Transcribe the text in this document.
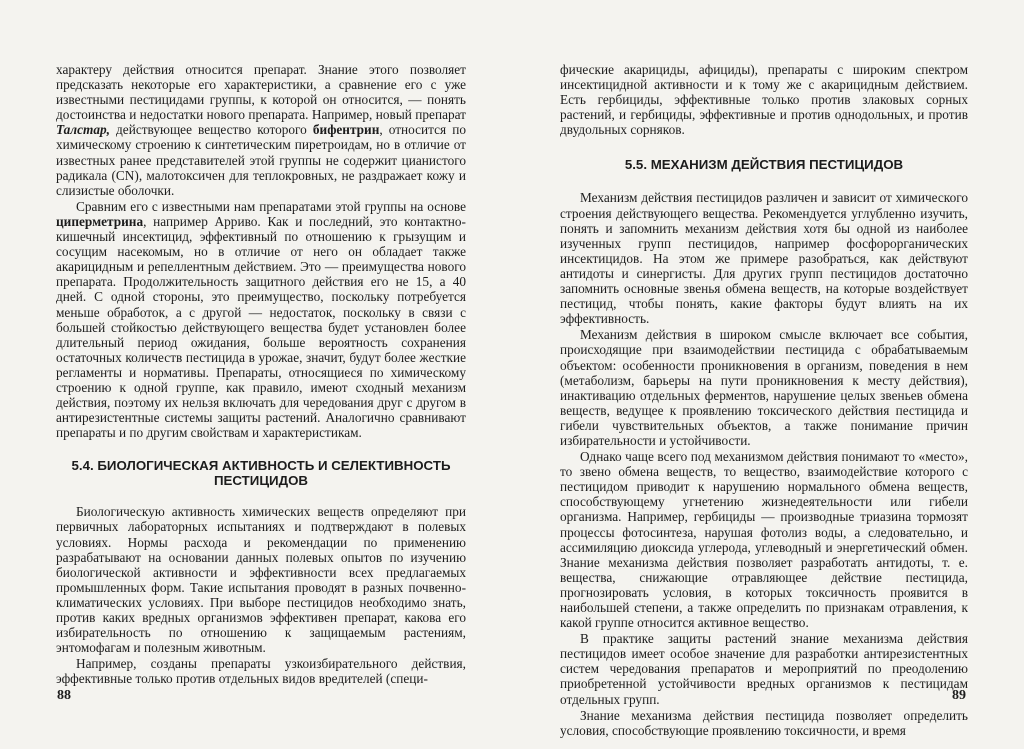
характеру действия относится препарат. Знание этого позволяет предсказать некоторые его характеристики, а сравнение его с уже известными пестицидами группы, к которой он относится, — понять достоинства и недостатки нового препарата. Например, новый препарат Талстар, действующее вещество которого бифентрин, относится по химическому строению к синтетическим пиретроидам, но в отличие от известных ранее представителей этой группы не содержит цианистого радикала (CN), малотоксичен для теплокровных, не раздражает кожу и слизистые оболочки.

Сравним его с известными нам препаратами этой группы на основе циперметрина, например Арриво. Как и последний, это контактно-кишечный инсектицид, эффективный по отношению к грызущим и сосущим насекомым, но в отличие от него он обладает также акарицидным и репеллентным действием. Это — преимущества нового препарата. Продолжительность защитного действия его не 15, а 40 дней. С одной стороны, это преимущество, поскольку потребуется меньше обработок, а с другой — недостаток, поскольку в связи с большей стойкостью действующего вещества будет установлен более длительный период ожидания, больше вероятность сохранения остаточных количеств пестицида в урожае, значит, будут более жесткие регламенты и нормативы. Препараты, относящиеся по химическому строению к одной группе, как правило, имеют сходный механизм действия, поэтому их нельзя включать для чередования друг с другом в антирезистентные системы защиты растений. Аналогично сравнивают препараты и по другим свойствам и характеристикам.

5.4. БИОЛОГИЧЕСКАЯ АКТИВНОСТЬ И СЕЛЕКТИВНОСТЬ ПЕСТИЦИДОВ

Биологическую активность химических веществ определяют при первичных лабораторных испытаниях и подтверждают в полевых условиях. Нормы расхода и рекомендации по применению разрабатывают на основании данных полевых опытов по изучению биологической активности и эффективности всех предлагаемых промышленных форм. Такие испытания проводят в разных почвенно-климатических условиях. При выборе пестицидов необходимо знать, против каких вредных организмов эффективен препарат, какова его избирательность по отношению к защищаемым растениям, энтомофагам и полезным животным.

Например, созданы препараты узкоизбирательного действия, эффективные только против отдельных видов вредителей (специ-

88

фические акарициды, афициды), препараты с широким спектром инсектицидной активности и к тому же с акарицидным действием. Есть гербициды, эффективные только против злаковых сорных растений, и гербициды, эффективные и против однодольных, и против двудольных сорняков.

5.5. МЕХАНИЗМ ДЕЙСТВИЯ ПЕСТИЦИДОВ

Механизм действия пестицидов различен и зависит от химического строения действующего вещества. Рекомендуется углубленно изучить, понять и запомнить механизм действия хотя бы одной из наиболее изученных групп пестицидов, например фосфорорганических инсектицидов. На этом же примере разобраться, как действуют антидоты и синергисты. Для других групп пестицидов достаточно запомнить основные звенья обмена веществ, на которые воздействует пестицид, чтобы понять, какие факторы будут влиять на их эффективность.

Механизм действия в широком смысле включает все события, происходящие при взаимодействии пестицида с обрабатываемым объектом: особенности проникновения в организм, поведения в нем (метаболизм, барьеры на пути проникновения к месту действия), инактивацию отдельных ферментов, нарушение целых звеньев обмена веществ, ведущее к проявлению токсического действия пестицида и гибели чувствительных объектов, а также понимание причин избирательности и устойчивости.

Однако чаще всего под механизмом действия понимают то «место», то звено обмена веществ, то вещество, взаимодействие которого с пестицидом приводит к нарушению нормального обмена веществ, способствующему угнетению жизнедеятельности или гибели организма. Например, гербициды — производные триазина тормозят процессы фотосинтеза, нарушая фотолиз воды, а следовательно, и ассимиляцию диоксида углерода, углеводный и энергетический обмен. Знание механизма действия позволяет разработать антидоты, т. е. вещества, снижающие отравляющее действие пестицида, прогнозировать условия, в которых токсичность проявится в наибольшей степени, а также определить по признакам отравления, к какой группе относится активное вещество.

В практике защиты растений знание механизма действия пестицидов имеет особое значение для разработки антирезистентных систем чередования препаратов и мероприятий по преодолению приобретенной устойчивости вредных организмов к пестицидам отдельных групп.

Знание механизма действия пестицида позволяет определить условия, способствующие проявлению токсичности, и время

89
